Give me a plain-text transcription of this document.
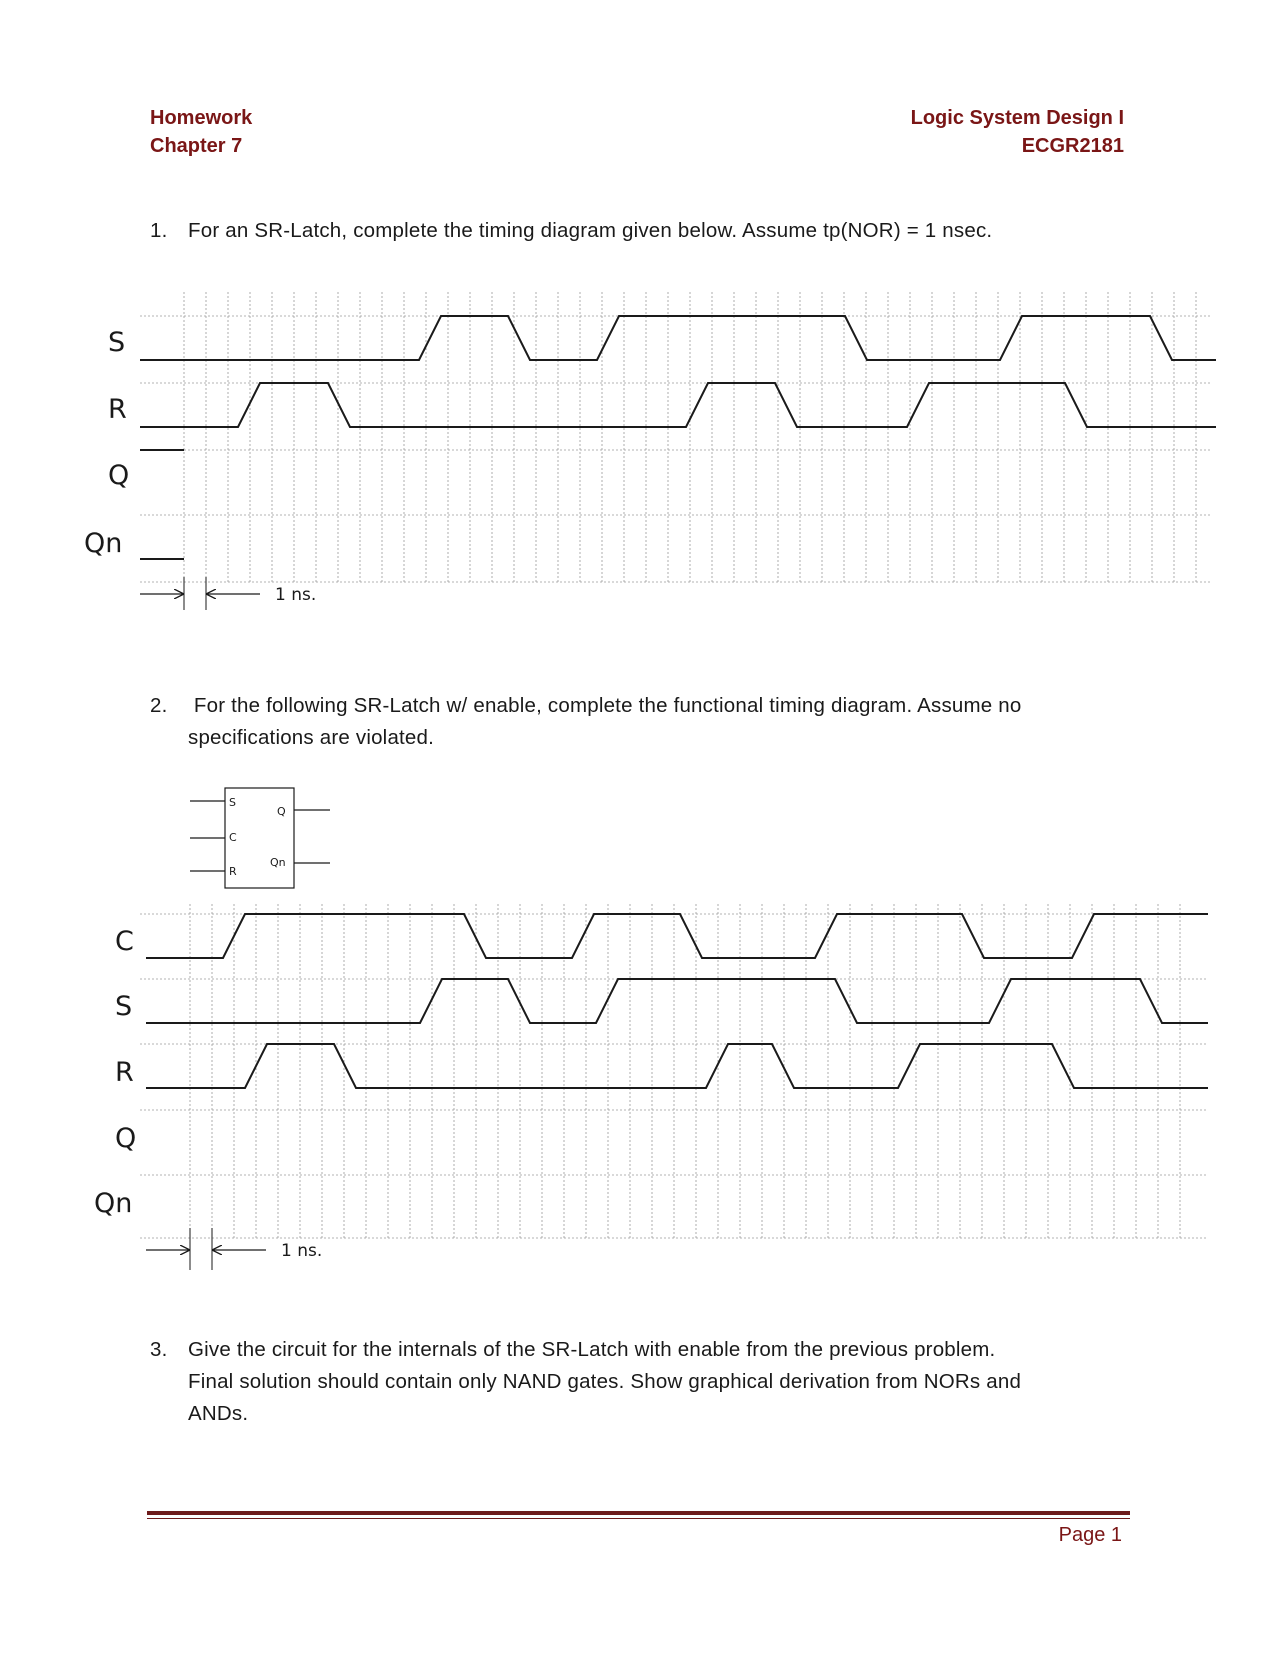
Homework
Chapter 7
Logic System Design I
ECGR2181
1. For an SR-Latch, complete the timing diagram given below. Assume tp(NOR) = 1 nsec.
2. For the following SR-Latch w/ enable, complete the functional timing diagram. Assume no
specifications are violated.
3. Give the circuit for the internals of the SR-Latch with enable from the previous problem.
Final solution should contain only NAND gates. Show graphical derivation from NORs and
ANDs.
S
R
Q
Qn
1 ns.
S
C
R
Q
Qn
C
S
R
Q
Qn
1 ns.
Page 1
